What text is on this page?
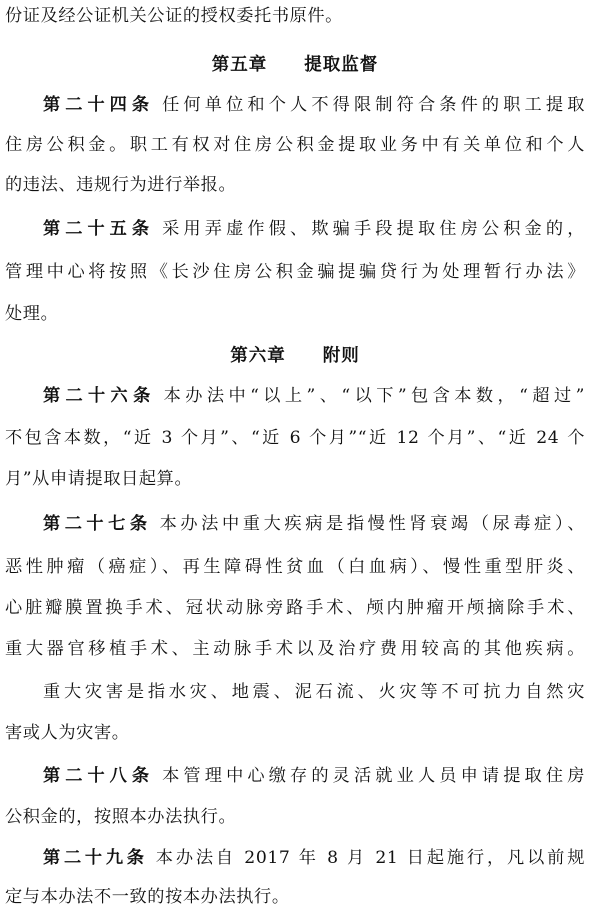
份证及经公证机关公证的授权委托书原件。
第五章　　提取监督
第二十四条 任何单位和个人不得限制符合条件的职工提取
住房公积金。职工有权对住房公积金提取业务中有关单位和个人
的违法、违规行为进行举报。
第二十五条 采用弄虚作假、欺骗手段提取住房公积金的，
管理中心将按照《长沙住房公积金骗提骗贷行为处理暂行办法》
处理。
第六章　　附则
第二十六条 本办法中“以上”、“以下”包含本数，“超过”
不包含本数，“近 3 个月”、“近 6 个月”“近 12 个月”、“近 24 个
月”从申请提取日起算。
第二十七条 本办法中重大疾病是指慢性肾衰竭（尿毒症）、
恶性肿瘤（癌症）、再生障碍性贫血（白血病）、慢性重型肝炎、
心脏瓣膜置换手术、冠状动脉旁路手术、颅内肿瘤开颅摘除手术、
重大器官移植手术、主动脉手术以及治疗费用较高的其他疾病。
重大灾害是指水灾、地震、泥石流、火灾等不可抗力自然灾
害或人为灾害。
第二十八条 本管理中心缴存的灵活就业人员申请提取住房
公积金的，按照本办法执行。
第二十九条 本办法自 2017 年 8 月 21 日起施行，凡以前规
定与本办法不一致的按本办法执行。
